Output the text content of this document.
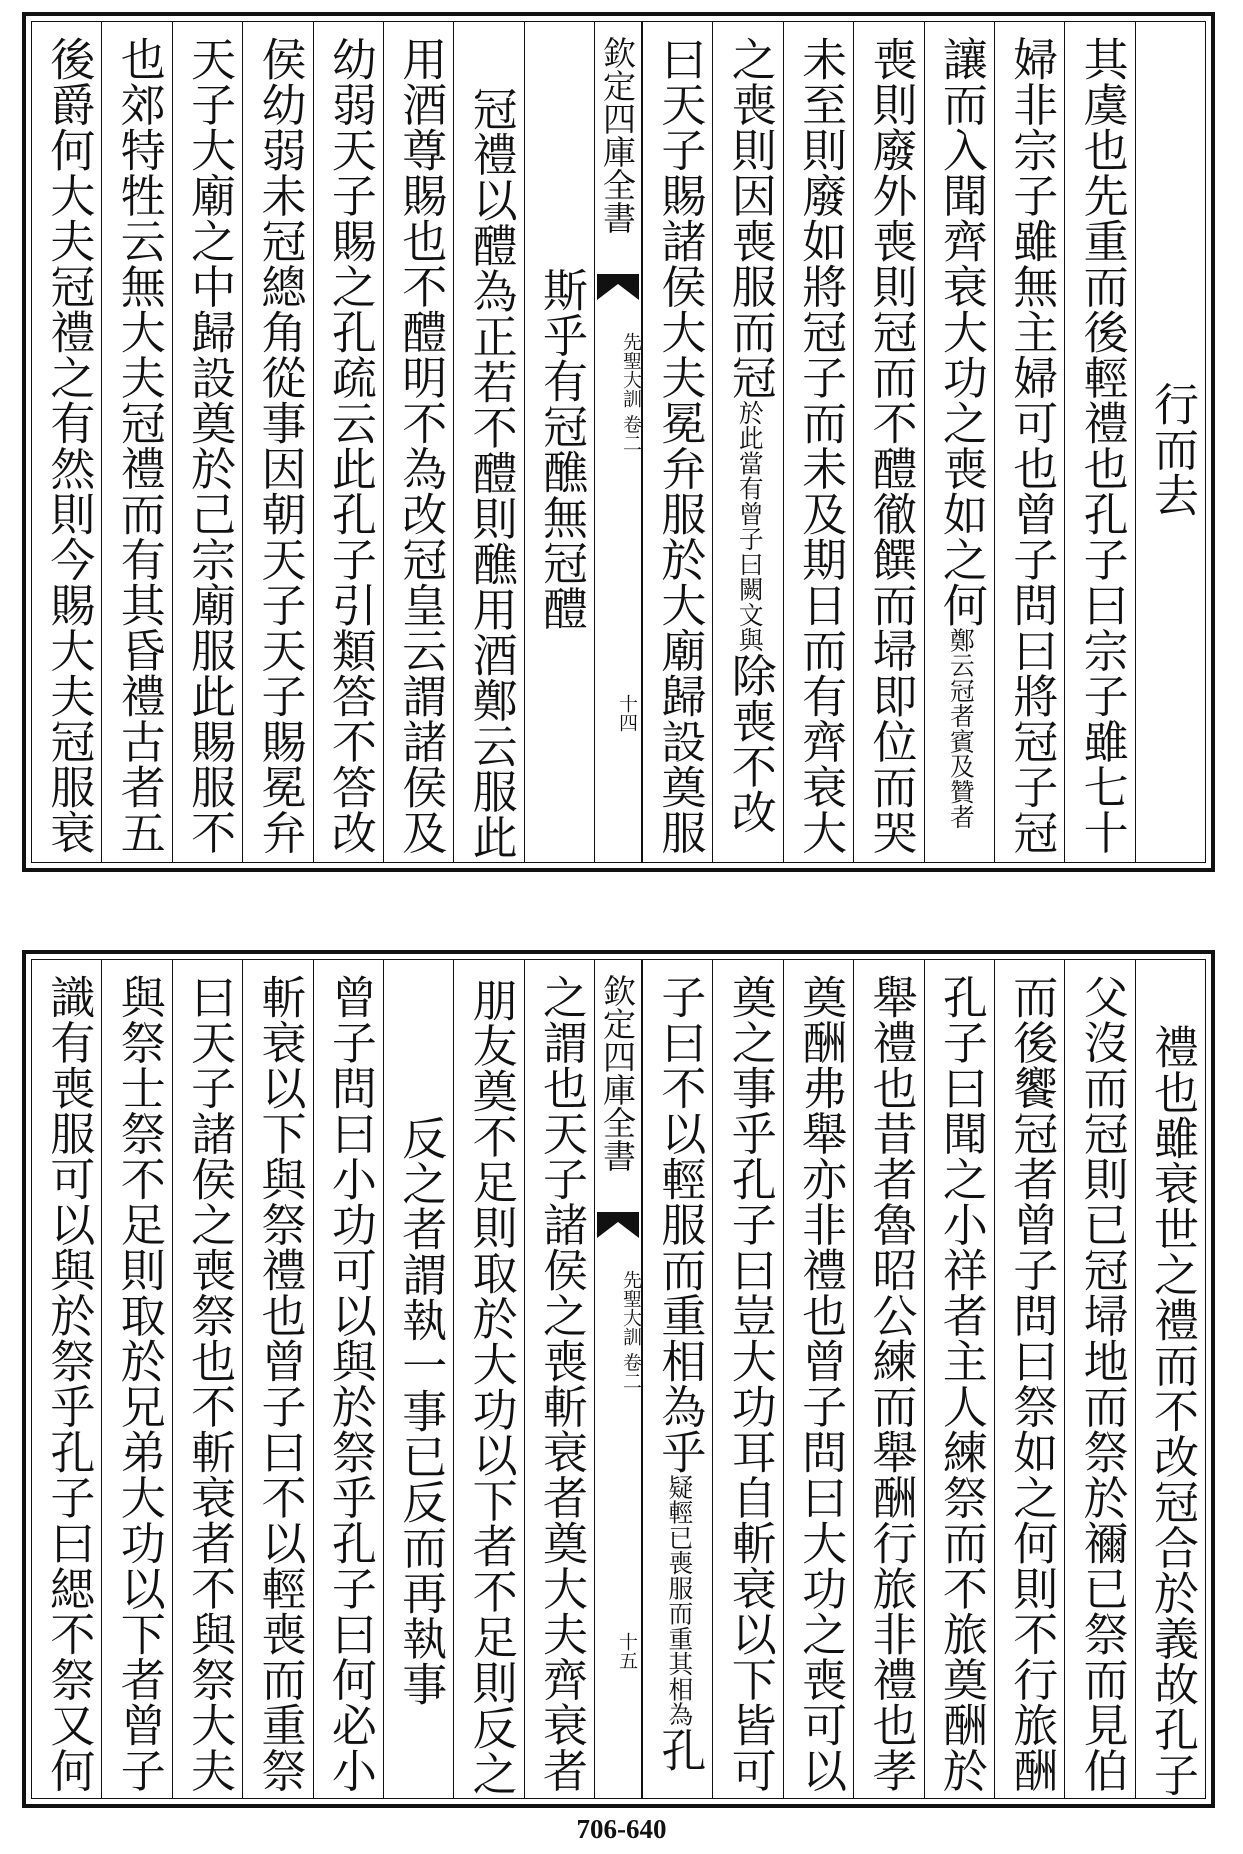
行而去
其虞也先重而後輕禮也孔子曰宗子雖七十
婦非宗子雖無主婦可也曾子問曰將冠子冠
讓而入聞齊衰大功之喪如之何鄭云冠者賓及贊者
喪則廢外喪則冠而不醴徹饌而埽即位而哭
未至則廢如將冠子而未及期日而有齊衰大
之喪則因喪服而冠於此當有曾子曰闕文與除喪不改
曰天子賜諸侯大夫冕弁服於大廟歸設奠服
欽定四庫全書
先聖大訓 卷二
十四
斯乎有冠醮無冠醴
冠禮以醴為正若不醴則醮用酒鄭云服此
用酒尊賜也不醴明不為改冠皇云謂諸侯及
幼弱天子賜之孔疏云此孔子引類答不答改
侯幼弱未冠總角從事因朝天子天子賜冕弁
天子大廟之中歸設奠於己宗廟服此賜服不
也郊特牲云無大夫冠禮而有其昏禮古者五
後爵何大夫冠禮之有然則今賜大夫冠服衰
禮也雖衰世之禮而不改冠合於義故孔子
父沒而冠則已冠埽地而祭於禰已祭而見伯
而後饗冠者曾子問曰祭如之何則不行旅酬
孔子曰聞之小祥者主人練祭而不旅奠酬於
舉禮也昔者魯昭公練而舉酬行旅非禮也孝
奠酬弗舉亦非禮也曾子問曰大功之喪可以
奠之事乎孔子曰豈大功耳自斬衰以下皆可
子曰不以輕服而重相為乎疑輕已喪服而重其相為孔
欽定四庫全書
先聖大訓 卷二
十五
之謂也天子諸侯之喪斬衰者奠大夫齊衰者
朋友奠不足則取於大功以下者不足則反之
反之者謂執一事已反而再執事
曾子問曰小功可以與於祭乎孔子曰何必小
斬衰以下與祭禮也曾子曰不以輕喪而重祭
曰天子諸侯之喪祭也不斬衰者不與祭大夫
與祭士祭不足則取於兄弟大功以下者曾子
識有喪服可以與於祭乎孔子曰緦不祭又何
706-640
